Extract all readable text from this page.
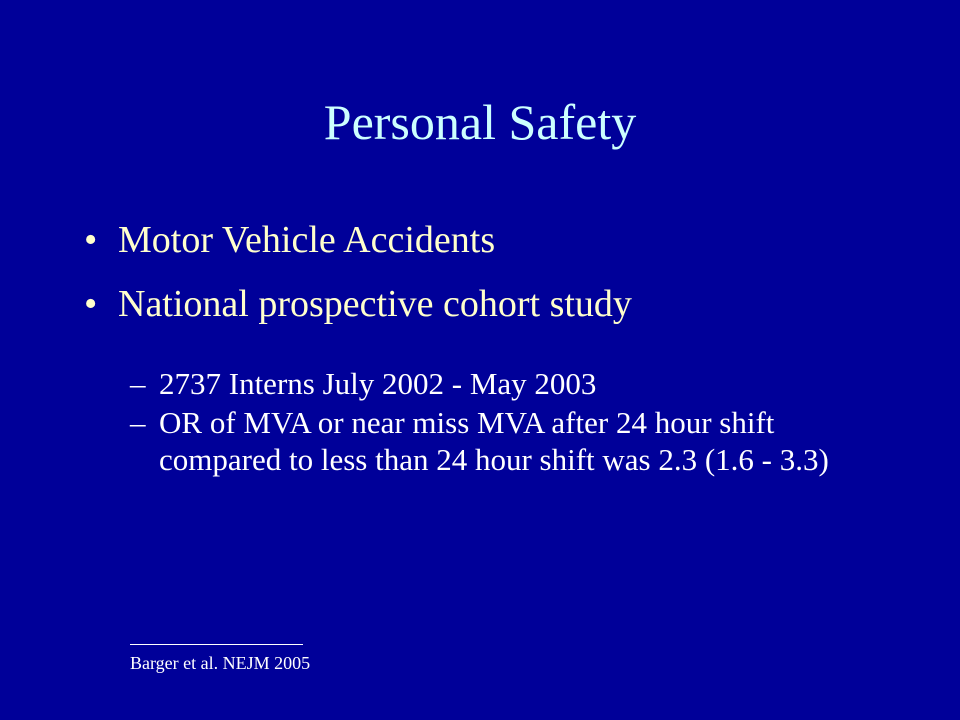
Personal Safety
• Motor Vehicle Accidents
• National prospective cohort study
– 2737 Interns July 2002 - May 2003
– OR of MVA or near miss MVA after 24 hour shift compared to less than 24 hour shift was 2.3 (1.6 - 3.3)
Barger et al. NEJM 2005
